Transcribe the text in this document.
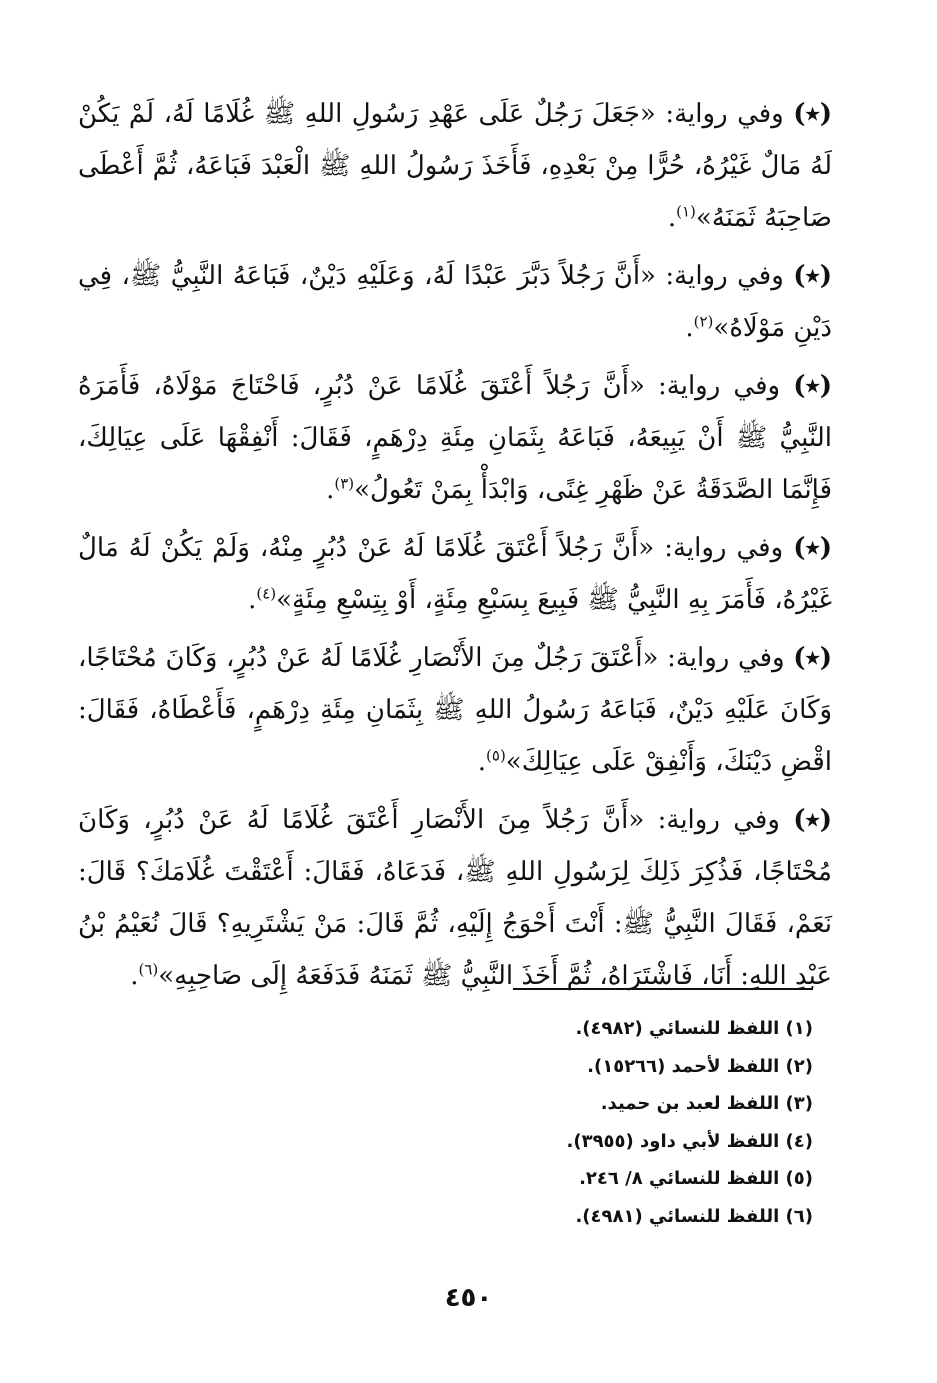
(٭) وفي رواية: «جَعَلَ رَجُلٌ عَلَى عَهْدِ رَسُولِ اللهِ ﷺ غُلَامًا لَهُ، لَمْ يَكُنْ لَهُ مَالٌ غَيْرُهُ، حُرًّا مِنْ بَعْدِهِ، فَأَخَذَ رَسُولُ اللهِ ﷺ الْعَبْدَ فَبَاعَهُ، ثُمَّ أَعْطَى صَاحِبَهُ ثَمَنَهُ»$^{(١)}$.

(٭) وفي رواية: «أَنَّ رَجُلاً دَبَّرَ عَبْدًا لَهُ، وَعَلَيْهِ دَيْنٌ، فَبَاعَهُ النَّبِيُّ ﷺ، فِي دَيْنِ مَوْلَاهُ»$^{(٢)}$.

(٭) وفي رواية: «أَنَّ رَجُلاً أَعْتَقَ غُلَامًا عَنْ دُبُرٍ، فَاحْتَاجَ مَوْلَاهُ، فَأَمَرَهُ النَّبِيُّ ﷺ أَنْ يَبِيعَهُ، فَبَاعَهُ بِثَمَانِ مِئَةِ دِرْهَمٍ، فَقَالَ: أَنْفِقْهَا عَلَى عِيَالِكَ، فَإِنَّمَا الصَّدَقَةُ عَنْ ظَهْرِ غِنًى، وَابْدَأْ بِمَنْ تَعُولُ»$^{(٣)}$.

(٭) وفي رواية: «أَنَّ رَجُلاً أَعْتَقَ غُلَامًا لَهُ عَنْ دُبُرٍ مِنْهُ، وَلَمْ يَكُنْ لَهُ مَالٌ غَيْرُهُ، فَأَمَرَ بِهِ النَّبِيُّ ﷺ فَبِيعَ بِسَبْعِ مِئَةٍ، أَوْ بِتِسْعِ مِئَةٍ»$^{(٤)}$.

(٭) وفي رواية: «أَعْتَقَ رَجُلٌ مِنَ الأَنْصَارِ غُلَامًا لَهُ عَنْ دُبُرٍ، وَكَانَ مُحْتَاجًا، وَكَانَ عَلَيْهِ دَيْنٌ، فَبَاعَهُ رَسُولُ اللهِ ﷺ بِثَمَانِ مِئَةِ دِرْهَمٍ، فَأَعْطَاهُ، فَقَالَ: اقْضِ دَيْنَكَ، وَأَنْفِقْ عَلَى عِيَالِكَ»$^{(٥)}$.

(٭) وفي رواية: «أَنَّ رَجُلاً مِنَ الأَنْصَارِ أَعْتَقَ غُلَامًا لَهُ عَنْ دُبُرٍ، وَكَانَ مُحْتَاجًا، فَذُكِرَ ذَلِكَ لِرَسُولِ اللهِ ﷺ، فَدَعَاهُ، فَقَالَ: أَعْتَقْتَ غُلَامَكَ؟ قَالَ: نَعَمْ، فَقَالَ النَّبِيُّ ﷺ: أَنْتَ أَحْوَجُ إِلَيْهِ، ثُمَّ قَالَ: مَنْ يَشْتَرِيهِ؟ قَالَ نُعَيْمُ بْنُ عَبْدِ اللهِ: أَنَا، فَاشْتَرَاهُ، ثُمَّ أَخَذَ النَّبِيُّ ﷺ ثَمَنَهُ فَدَفَعَهُ إِلَى صَاحِبِهِ»$^{(٦)}$.

(١) اللفظ للنسائي (٤٩٨٢).
(٢) اللفظ لأحمد (١٥٢٦٦).
(٣) اللفظ لعبد بن حميد.
(٤) اللفظ لأبي داود (٣٩٥٥).
(٥) اللفظ للنسائي ٨/ ٢٤٦.
(٦) اللفظ للنسائي (٤٩٨١).
٤٥٠
